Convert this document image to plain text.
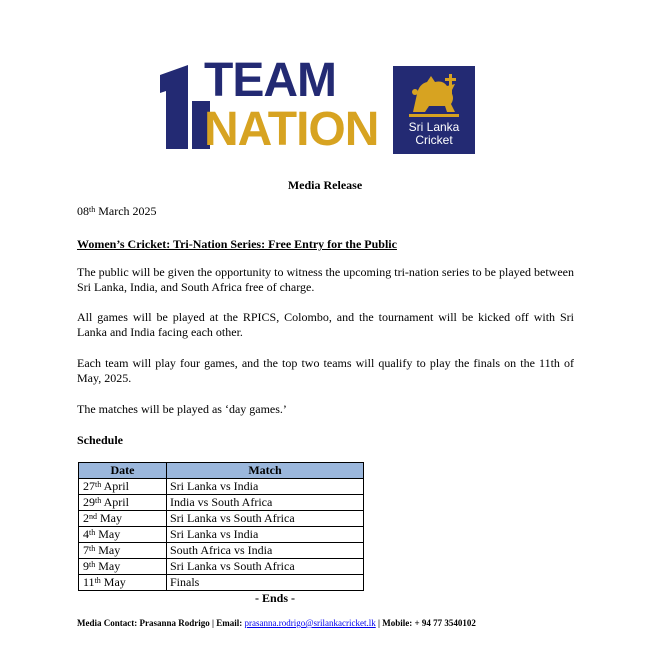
TEAM
NATION	Sri Lanka
Cricket
Media Release
08th March 2025
Women’s Cricket: Tri-Nation Series: Free Entry for the Public
The public will be given the opportunity to witness the upcoming tri-nation series to be played between Sri Lanka, India, and South Africa free of charge.
All games will be played at the RPICS, Colombo, and the tournament will be kicked off with Sri Lanka and India facing each other.
Each team will play four games, and the top two teams will qualify to play the finals on the 11th of May, 2025.
The matches will be played as ‘day games.’
Schedule
Date	Match
27th April	Sri Lanka vs India
29th April	India vs South Africa
2nd May	Sri Lanka vs South Africa
4th May	Sri Lanka vs India
7th May	South Africa vs India
9th May	Sri Lanka vs South Africa
11th May	Finals
- Ends -
Media Contact: Prasanna Rodrigo | Email: prasanna.rodrigo@srilankacricket.lk | Mobile: + 94 77 3540102
